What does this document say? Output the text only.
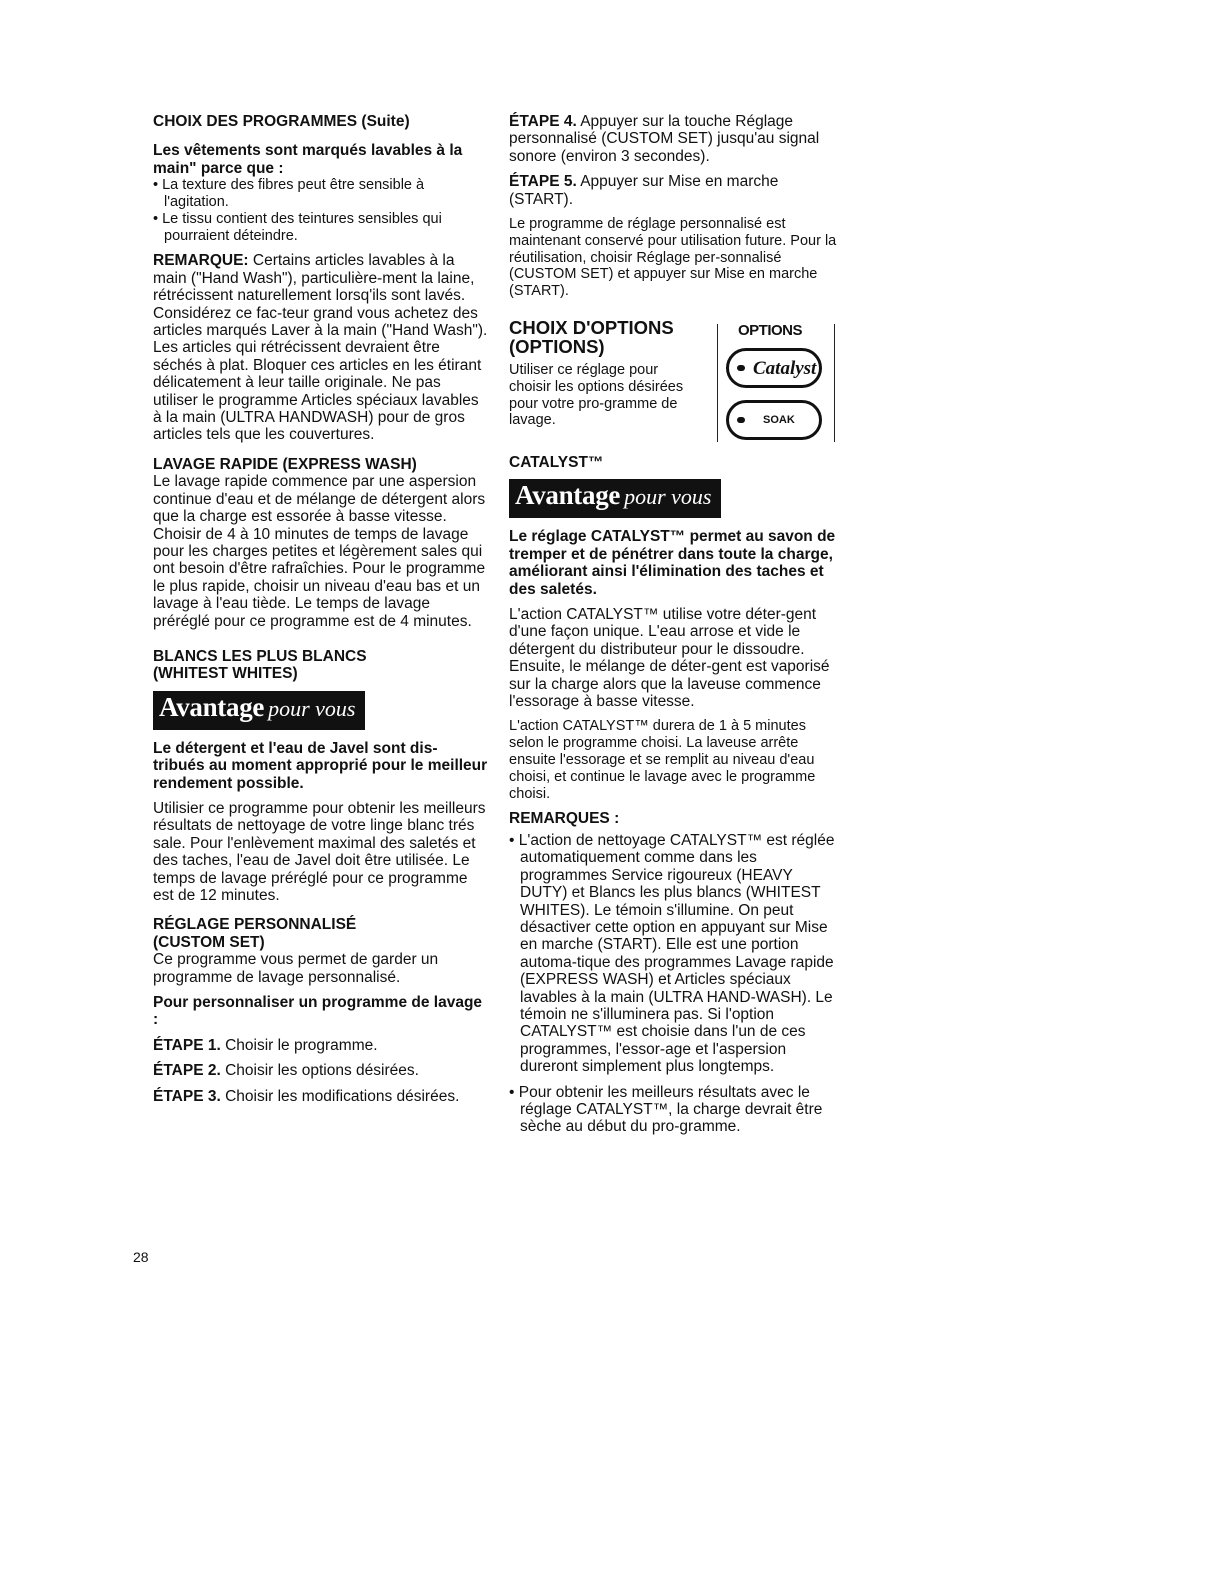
CHOIX DES PROGRAMMES (Suite)

Les vêtements sont marqués lavables à la main" parce que :

• La texture des fibres peut être sensible à l'agitation.
• Le tissu contient des teintures sensibles qui pourraient déteindre.

REMARQUE: Certains articles lavables à la main ("Hand Wash"), particulière-ment la laine, rétrécissent naturellement lorsq'ils sont lavés. Considérez ce fac-teur grand vous achetez des articles marqués Laver à la main ("Hand Wash"). Les articles qui rétrécissent devraient être séchés à plat. Bloquer ces articles en les étirant délicatement à leur taille originale. Ne pas utiliser le programme Articles spéciaux lavables à la main (ULTRA HANDWASH) pour de gros articles tels que les couvertures.

LAVAGE RAPIDE (EXPRESS WASH)

Le lavage rapide commence par une aspersion continue d'eau et de mélange de détergent alors que la charge est essorée à basse vitesse. Choisir de 4 à 10 minutes de temps de lavage pour les charges petites et légèrement sales qui ont besoin d'être rafraîchies. Pour le programme le plus rapide, choisir un niveau d'eau bas et un lavage à l'eau tiède. Le temps de lavage préréglé pour ce programme est de 4 minutes.

BLANCS LES PLUS BLANCS

(WHITEST WHITES)

Avantage pour vous

Le détergent et l'eau de Javel sont dis-tribués au moment approprié pour le meilleur rendement possible.

Utilisier ce programme pour obtenir les meilleurs résultats de nettoyage de votre linge blanc trés sale. Pour l'enlèvement maximal des saletés et des taches, l'eau de Javel doit être utilisée. Le temps de lavage préréglé pour ce programme est de 12 minutes.

RÉGLAGE PERSONNALISÉ

(CUSTOM SET)

Ce programme vous permet de garder un programme de lavage personnalisé.

Pour personnaliser un programme de lavage :

ÉTAPE 1. Choisir le programme.

ÉTAPE 2. Choisir les options désirées.

ÉTAPE 3. Choisir les modifications désirées.

ÉTAPE 4. Appuyer sur la touche Réglage personnalisé (CUSTOM SET) jusqu'au signal sonore (environ 3 secondes).

ÉTAPE 5. Appuyer sur Mise en marche (START).

Le programme de réglage personnalisé est maintenant conservé pour utilisation future. Pour la réutilisation, choisir Réglage per-sonnalisé (CUSTOM SET) et appuyer sur Mise en marche (START).

CHOIX D'OPTIONS

(OPTIONS)

Utiliser ce réglage pour choisir les options désirées pour votre pro-gramme de lavage.

OPTIONS
Catalyst
SOAK

CATALYST™

Avantage pour vous

Le réglage CATALYST™ permet au savon de tremper et de pénétrer dans toute la charge, améliorant ainsi l'élimination des taches et des saletés.

L'action CATALYST™ utilise votre déter-gent d'une façon unique. L'eau arrose et vide le détergent du distributeur pour le dissoudre. Ensuite, le mélange de déter-gent est vaporisé sur la charge alors que la laveuse commence l'essorage à basse vitesse.

L'action CATALYST™ durera de 1 à 5 minutes selon le programme choisi. La laveuse arrête ensuite l'essorage et se remplit au niveau d'eau choisi, et continue le lavage avec le programme choisi.

REMARQUES :

• L'action de nettoyage CATALYST™ est réglée automatiquement comme dans les programmes Service rigoureux (HEAVY DUTY) et Blancs les plus blancs (WHITEST WHITES). Le témoin s'illumine. On peut désactiver cette option en appuyant sur Mise en marche (START). Elle est une portion automa-tique des programmes Lavage rapide (EXPRESS WASH) et Articles spéciaux lavables à la main (ULTRA HAND-WASH). Le témoin ne s'illuminera pas. Si l'option CATALYST™ est choisie dans l'un de ces programmes, l'essor-age et l'aspersion dureront simplement plus longtemps.
• Pour obtenir les meilleurs résultats avec le réglage CATALYST™, la charge devrait être sèche au début du pro-gramme.
28
